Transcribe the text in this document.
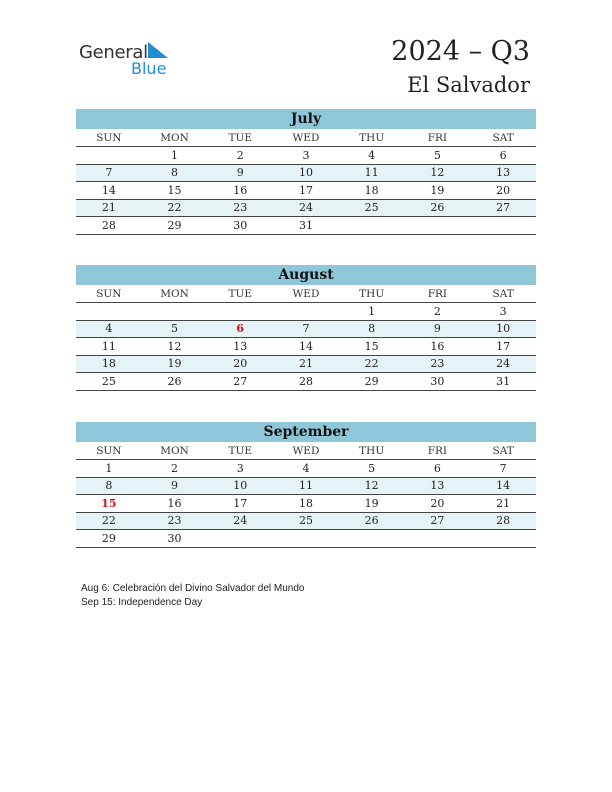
General
Blue
2024 – Q3
El Salvador
July
SUN	MON	TUE	WED	THU	FRI	SAT
	1	2	3	4	5	6
7	8	9	10	11	12	13
14	15	16	17	18	19	20
21	22	23	24	25	26	27
28	29	30	31			
August
SUN	MON	TUE	WED	THU	FRI	SAT
				1	2	3
4	5	6	7	8	9	10
11	12	13	14	15	16	17
18	19	20	21	22	23	24
25	26	27	28	29	30	31
September
SUN	MON	TUE	WED	THU	FRI	SAT
1	2	3	4	5	6	7
8	9	10	11	12	13	14
15	16	17	18	19	20	21
22	23	24	25	26	27	28
29	30					
Aug 6: Celebración del Divino Salvador del Mundo
Sep 15: Independence Day
